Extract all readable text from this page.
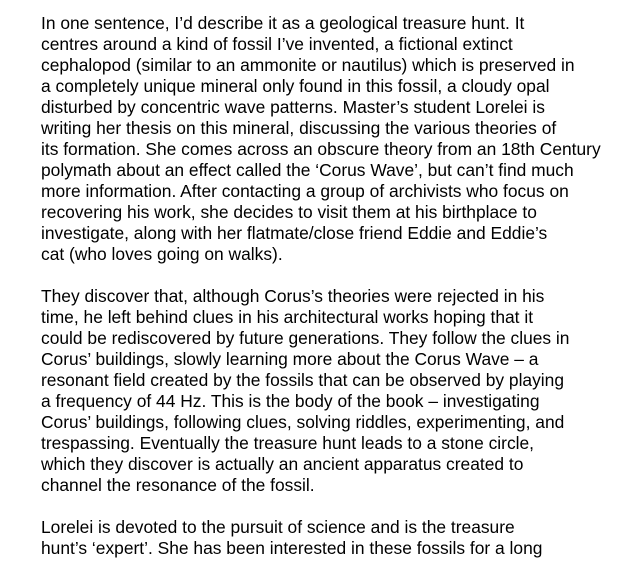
In one sentence, I’d describe it as a geological treasure hunt. It
centres around a kind of fossil I’ve invented, a fictional extinct
cephalopod (similar to an ammonite or nautilus) which is preserved in
a completely unique mineral only found in this fossil, a cloudy opal
disturbed by concentric wave patterns. Master’s student Lorelei is
writing her thesis on this mineral, discussing the various theories of
its formation. She comes across an obscure theory from an 18th Century
polymath about an effect called the ‘Corus Wave’, but can’t find much
more information. After contacting a group of archivists who focus on
recovering his work, she decides to visit them at his birthplace to
investigate, along with her flatmate/close friend Eddie and Eddie’s
cat (who loves going on walks).
They discover that, although Corus’s theories were rejected in his
time, he left behind clues in his architectural works hoping that it
could be rediscovered by future generations. They follow the clues in
Corus’ buildings, slowly learning more about the Corus Wave – a
resonant field created by the fossils that can be observed by playing
a frequency of 44 Hz. This is the body of the book – investigating
Corus’ buildings, following clues, solving riddles, experimenting, and
trespassing. Eventually the treasure hunt leads to a stone circle,
which they discover is actually an ancient apparatus created to
channel the resonance of the fossil.
Lorelei is devoted to the pursuit of science and is the treasure
hunt’s ‘expert’. She has been interested in these fossils for a long
